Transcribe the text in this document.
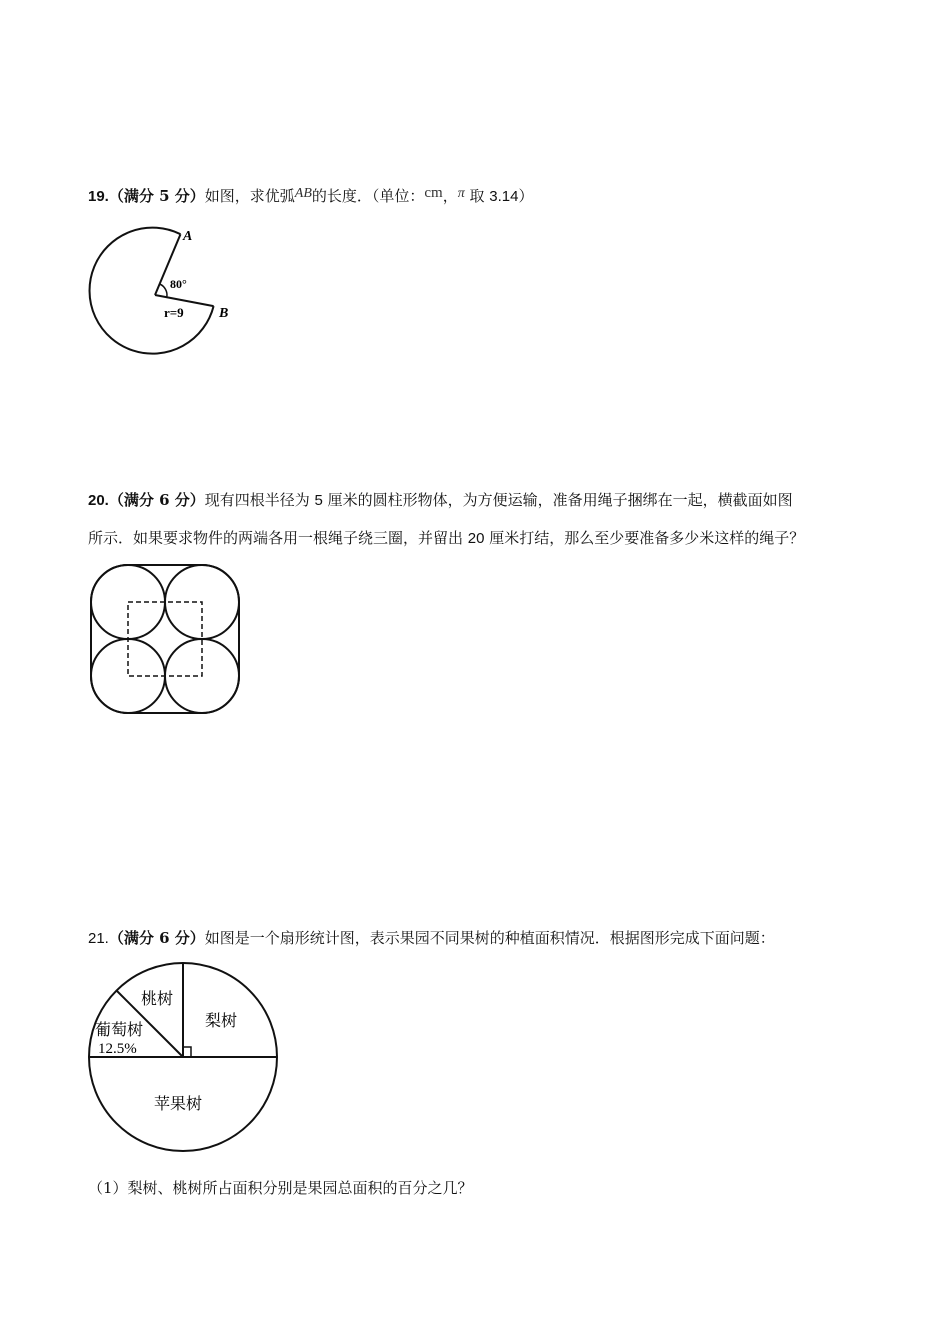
19.（满分 5 分）如图，求优弧AB的长度．（单位：cm，π 取 3.14）
A
B
80°
r=9
20.（满分 6 分）现有四根半径为 5 厘米的圆柱形物体，为方便运输，准备用绳子捆绑在一起，横截面如图
所示．如果要求物件的两端各用一根绳子绕三圈，并留出 20 厘米打结，那么至少要准备多少米这样的绳子？
21.（满分 6 分）如图是一个扇形统计图，表示果园不同果树的种植面积情况．根据图形完成下面问题：
桃树
梨树
葡萄树
12.5%
苹果树
（1）梨树、桃树所占面积分别是果园总面积的百分之几？
